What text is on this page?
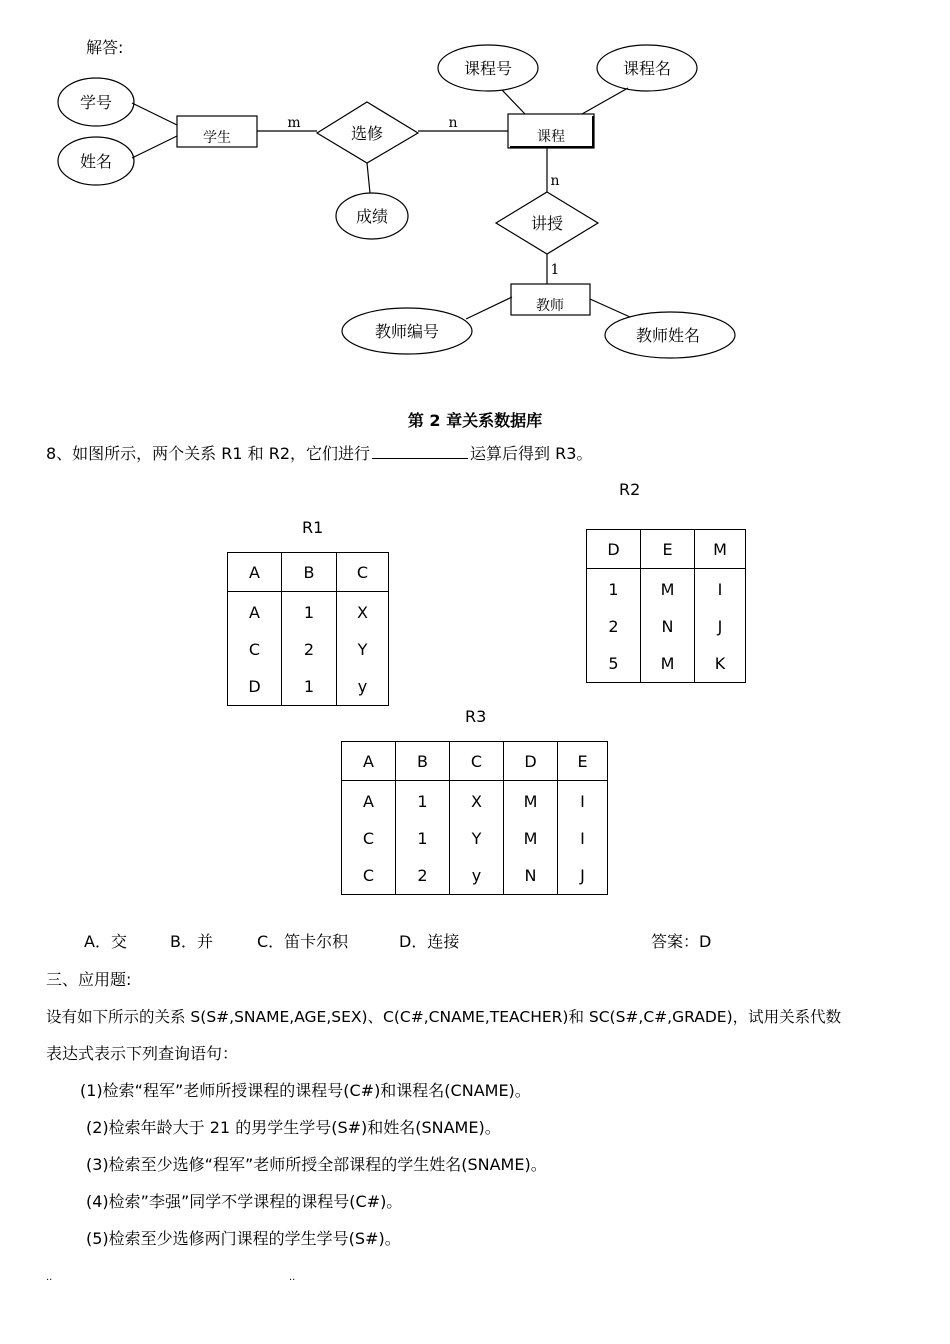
解答:
学号
姓名
成绩
课程号	课程名
教师编号	教师姓名
选修
讲授
学生	课程
教师
m	n
n
1
第 2 章关系数据库
8、如图所示，两个关系 R1 和 R2，它们进行	运算后得到 R3。
R1
A	B	C
A	1	X
C	2	Y
D	1	y
R2
D	E	M
1	M	I
2	N	J
5	M	K
R3
A	B	C	D	E
A	1	X	M	I
C	1	Y	M	I
C	2	y	N	J
A．交	B．并	C．笛卡尔积	D．连接	答案：D
三、应用题:
设有如下所示的关系 S(S#,SNAME,AGE,SEX)、C(C#,CNAME,TEACHER)和 SC(S#,C#,GRADE)，试用关系代数
表达式表示下列查询语句：
(1)检索“程军”老师所授课程的课程号(C#)和课程名(CNAME)。
(2)检索年龄大于 21 的男学生学号(S#)和姓名(SNAME)。
(3)检索至少选修“程军”老师所授全部课程的学生姓名(SNAME)。
(4)检索”李强”同学不学课程的课程号(C#)。
(5)检索至少选修两门课程的学生学号(S#)。
..	..
